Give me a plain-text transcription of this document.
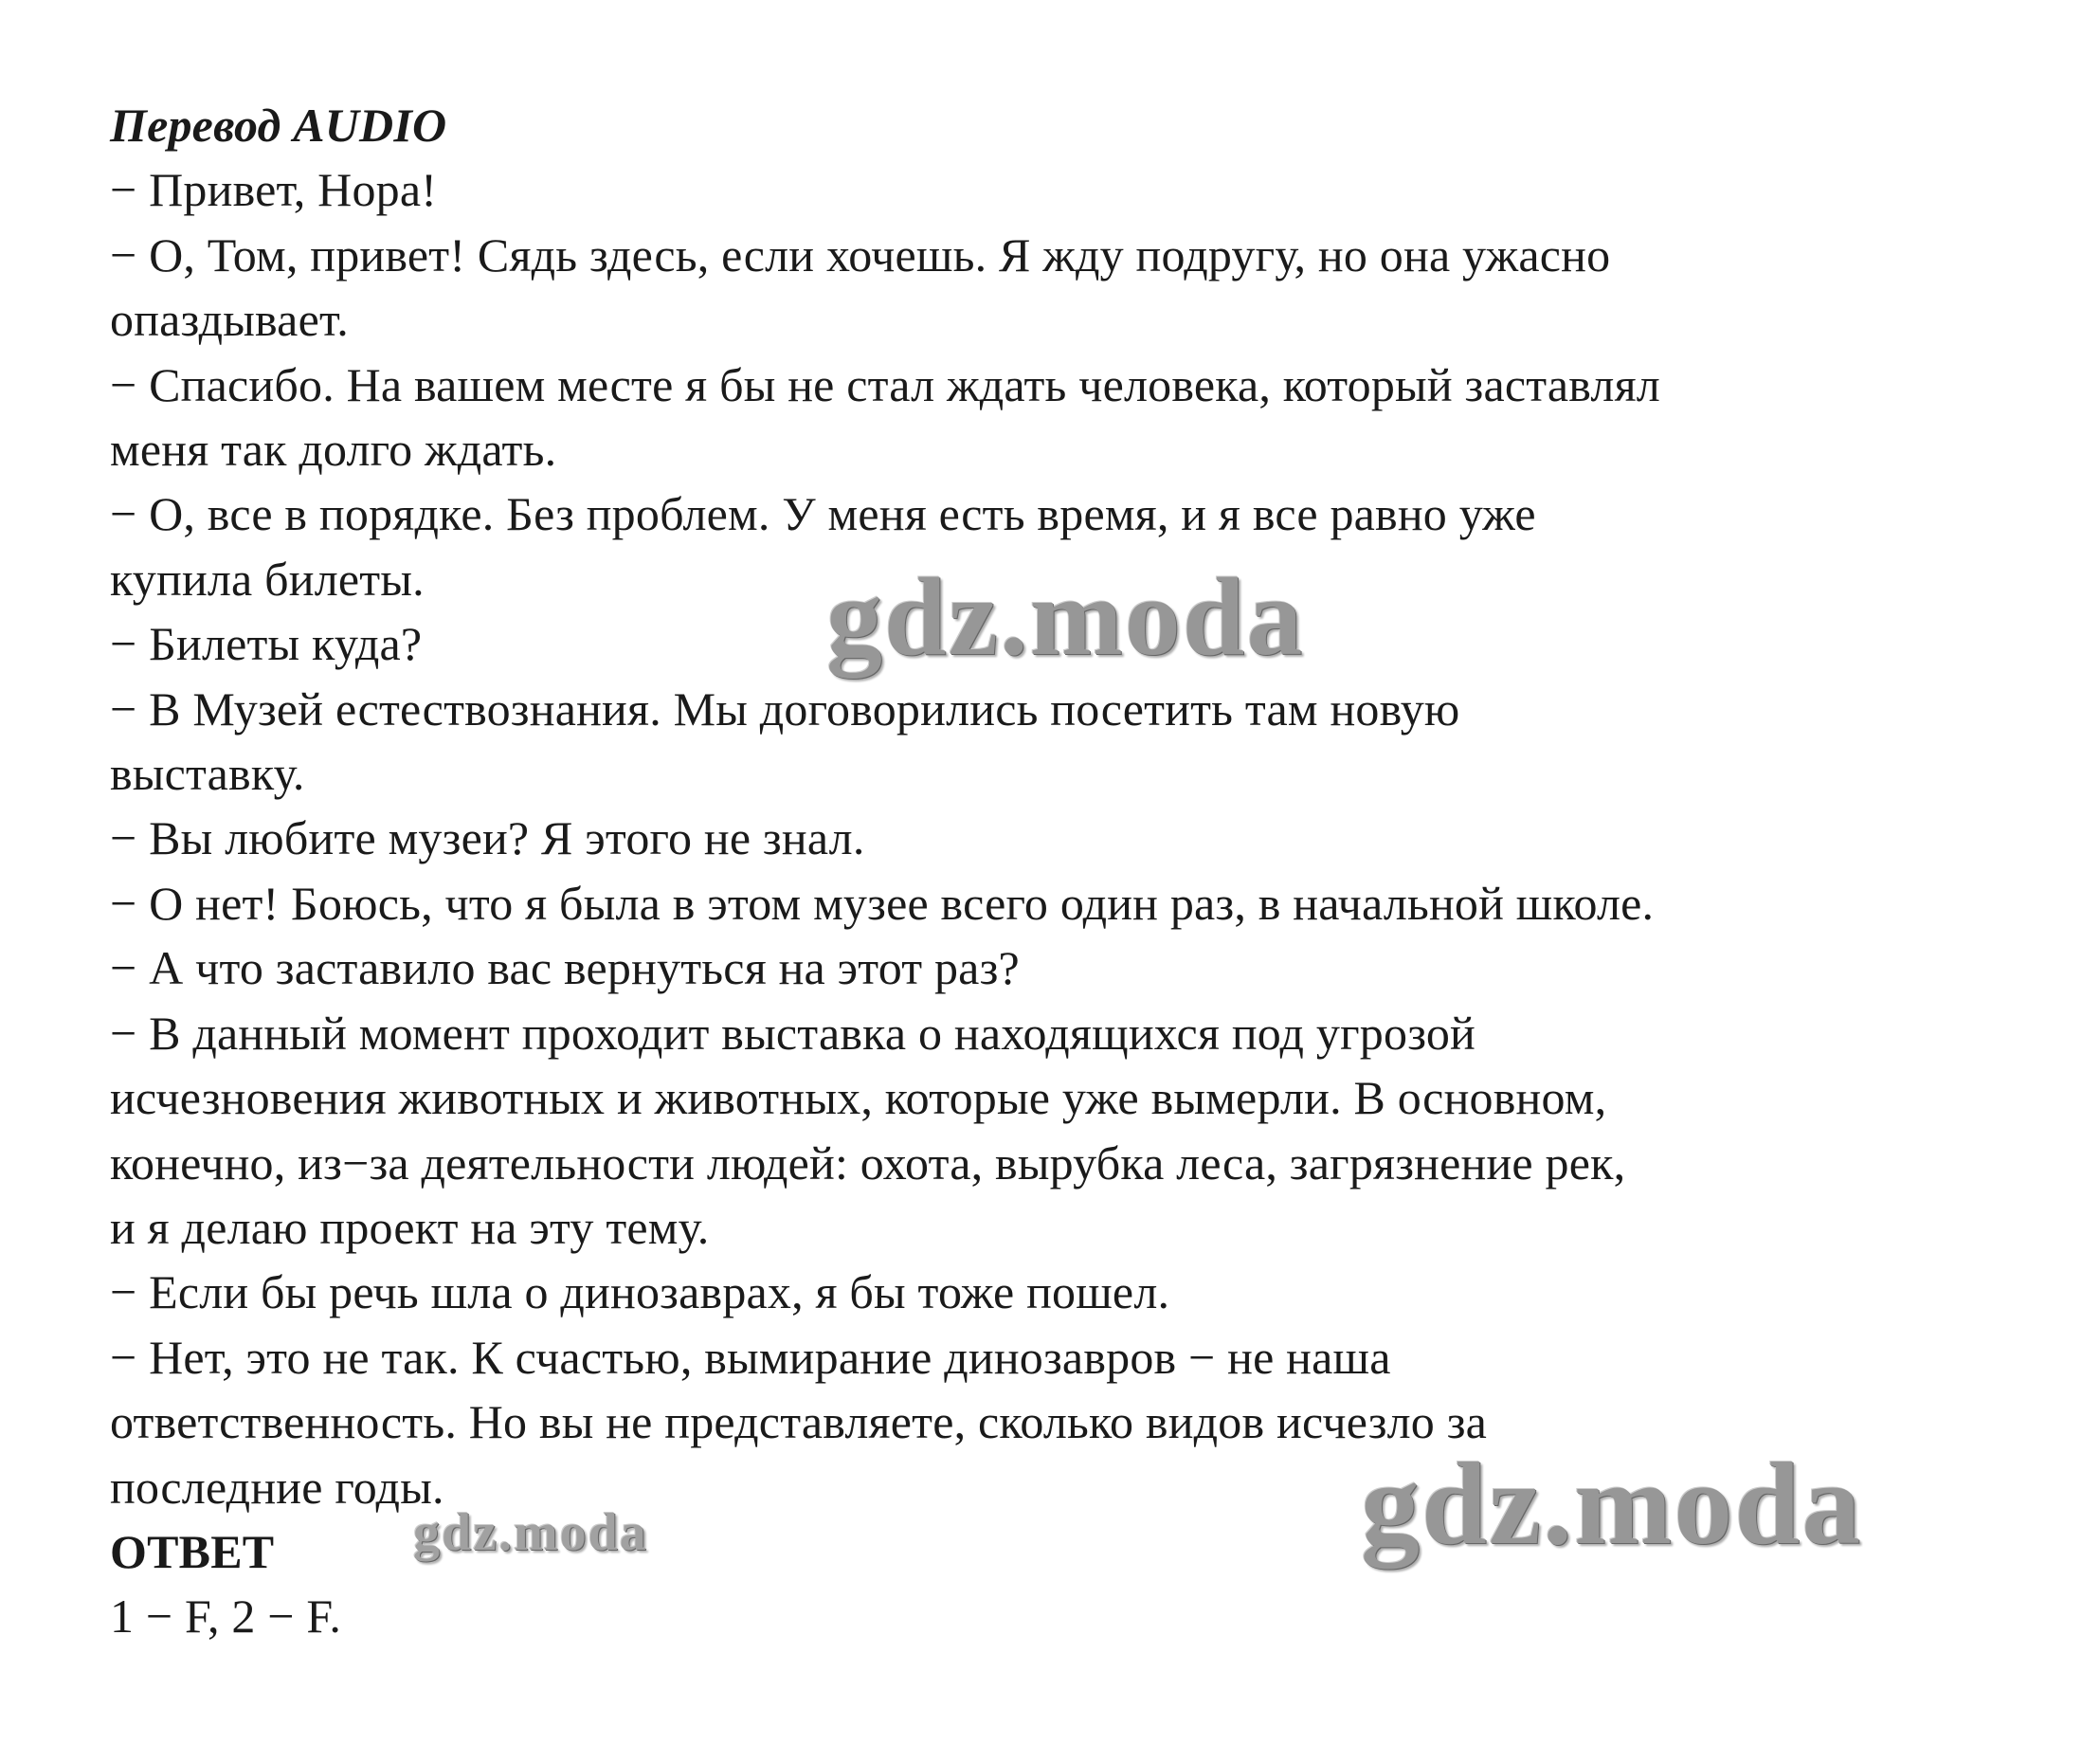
Перевод AUDIO

− Привет, Нора!

− О, Том, привет! Сядь здесь, если хочешь. Я жду подругу, но она ужасно

опаздывает.

− Спасибо. На вашем месте я бы не стал ждать человека, который заставлял

меня так долго ждать.

− О, все в порядке. Без проблем. У меня есть время, и я все равно уже

купила билеты.

− Билеты куда?

− В Музей естествознания. Мы договорились посетить там новую

выставку.

− Вы любите музеи? Я этого не знал.

− О нет! Боюсь, что я была в этом музее всего один раз, в начальной школе.

− А что заставило вас вернуться на этот раз?

− В данный момент проходит выставка о находящихся под угрозой

исчезновения животных и животных, которые уже вымерли. В основном,

конечно, из−за деятельности людей: охота, вырубка леса, загрязнение рек,

и я делаю проект на эту тему.

− Если бы речь шла о динозаврах, я бы тоже пошел.

− Нет, это не так. К счастью, вымирание динозавров − не наша

ответственность. Но вы не представляете, сколько видов исчезло за

последние годы.

ОТВЕТ

1 − F, 2 − F.

gdz.moda
gdz.moda
gdz.moda
